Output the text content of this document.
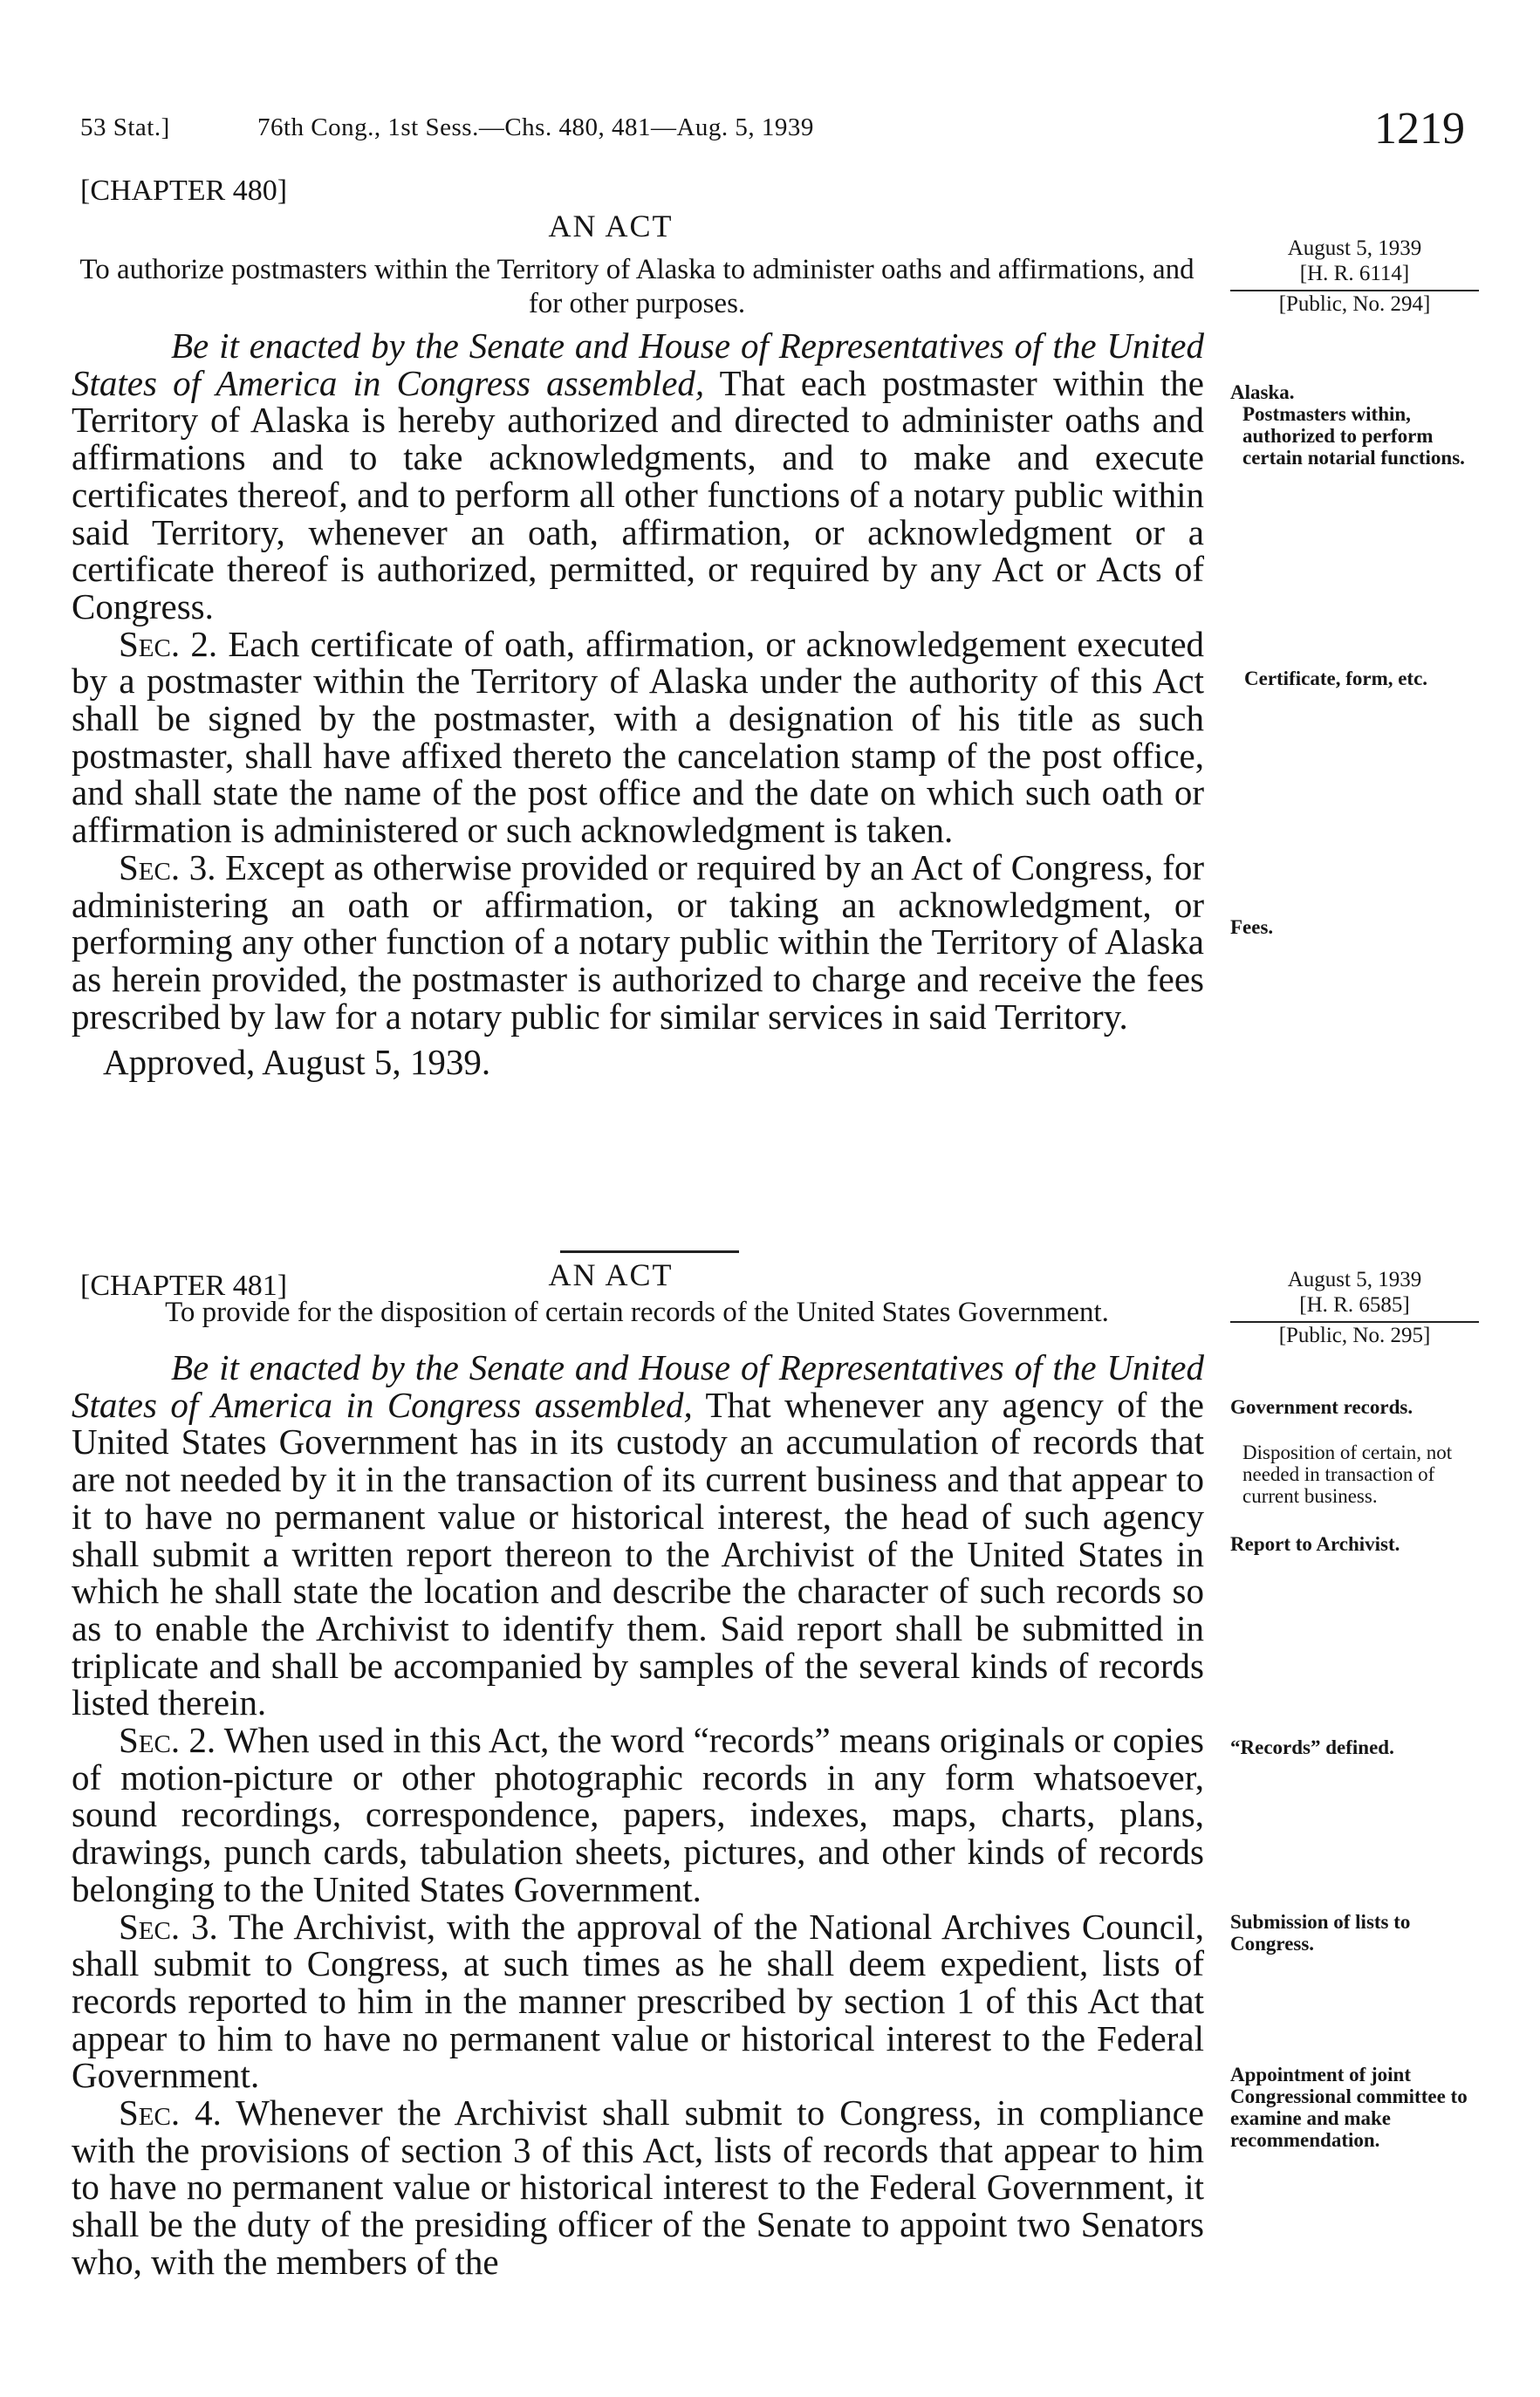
53 Stat.]	76th Cong., 1st Sess.—Chs. 480, 481—Aug. 5, 1939	1219
[CHAPTER 480]
AN ACT
To authorize postmasters within the Territory of Alaska to administer oaths and affirmations, and for other purposes.
August 5, 1939
[H. R. 6114]
[Public, No. 294]

Be it enacted by the Senate and House of Representatives of the United States of America in Congress assembled, That each postmaster within the Territory of Alaska is hereby authorized and directed to administer oaths and affirmations and to take acknowledgments, and to make and execute certificates thereof, and to perform all other functions of a notary public within said Territory, whenever an oath, affirmation, or acknowledgment or a certificate thereof is authorized, permitted, or required by any Act or Acts of Congress.

Sec. 2. Each certificate of oath, affirmation, or acknowledgement executed by a postmaster within the Territory of Alaska under the authority of this Act shall be signed by the postmaster, with a designation of his title as such postmaster, shall have affixed thereto the cancelation stamp of the post office, and shall state the name of the post office and the date on which such oath or affirmation is administered or such acknowledgment is taken.

Sec. 3. Except as otherwise provided or required by an Act of Congress, for administering an oath or affirmation, or taking an acknowledgment, or performing any other function of a notary public within the Territory of Alaska as herein provided, the postmaster is authorized to charge and receive the fees prescribed by law for a notary public for similar services in said Territory.

Approved, August 5, 1939.

Alaska.
Postmasters within, authorized to perform certain notarial functions.
Certificate, form, etc.
Fees.
[CHAPTER 481]	AN ACT
To provide for the disposition of certain records of the United States Government.
August 5, 1939
[H. R. 6585]
[Public, No. 295]

Be it enacted by the Senate and House of Representatives of the United States of America in Congress assembled, That whenever any agency of the United States Government has in its custody an accumulation of records that are not needed by it in the transaction of its current business and that appear to it to have no permanent value or historical interest, the head of such agency shall submit a written report thereon to the Archivist of the United States in which he shall state the location and describe the character of such records so as to enable the Archivist to identify them. Said report shall be submitted in triplicate and shall be accompanied by samples of the several kinds of records listed therein.

Sec. 2. When used in this Act, the word “records” means originals or copies of motion-picture or other photographic records in any form whatsoever, sound recordings, correspondence, papers, indexes, maps, charts, plans, drawings, punch cards, tabulation sheets, pictures, and other kinds of records belonging to the United States Government.

Sec. 3. The Archivist, with the approval of the National Archives Council, shall submit to Congress, at such times as he shall deem expedient, lists of records reported to him in the manner prescribed by section 1 of this Act that appear to him to have no permanent value or historical interest to the Federal Government.

Sec. 4. Whenever the Archivist shall submit to Congress, in compliance with the provisions of section 3 of this Act, lists of records that appear to him to have no permanent value or historical interest to the Federal Government, it shall be the duty of the presiding officer of the Senate to appoint two Senators who, with the members of the

Government records.
Disposition of certain, not needed in transaction of current business.
Report to Archivist.
“Records” defined.
Submission of lists to Congress.
Appointment of joint Congressional committee to examine and make recommendation.
